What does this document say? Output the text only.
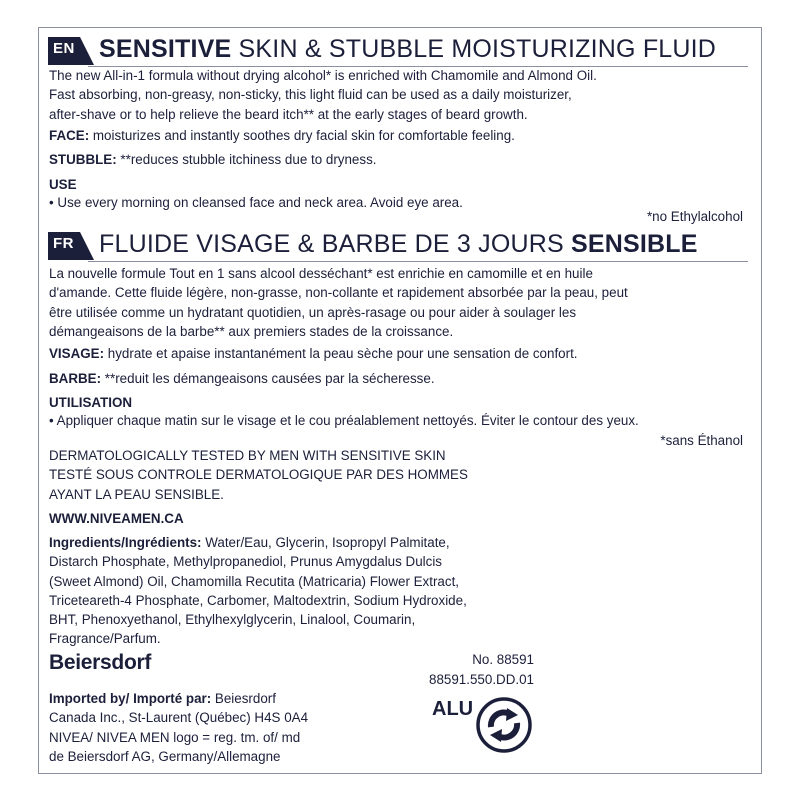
EN SENSITIVE SKIN & STUBBLE MOISTURIZING FLUID
The new All-in-1 formula without drying alcohol* is enriched with Chamomile and Almond Oil.
Fast absorbing, non-greasy, non-sticky, this light fluid can be used as a daily moisturizer,
after-shave or to help relieve the beard itch** at the early stages of beard growth.
FACE: moisturizes and instantly soothes dry facial skin for comfortable feeling.
STUBBLE: **reduces stubble itchiness due to dryness.
USE
• Use every morning on cleansed face and neck area. Avoid eye area.
*no Ethylalcohol
FR FLUIDE VISAGE & BARBE DE 3 JOURS SENSIBLE
La nouvelle formule Tout en 1 sans alcool desséchant* est enrichie en camomille et en huile
d'amande. Cette fluide légère, non-grasse, non-collante et rapidement absorbée par la peau, peut
être utilisée comme un hydratant quotidien, un après-rasage ou pour aider à soulager les
démangeaisons de la barbe** aux premiers stades de la croissance.
VISAGE: hydrate et apaise instantanément la peau sèche pour une sensation de confort.
BARBE: **reduit les démangeaisons causées par la sécheresse.
UTILISATION
• Appliquer chaque matin sur le visage et le cou préalablement nettoyés. Éviter le contour des yeux.
*sans Éthanol
DERMATOLOGICALLY TESTED BY MEN WITH SENSITIVE SKIN
TESTÉ SOUS CONTROLE DERMATOLOGIQUE PAR DES HOMMES
AYANT LA PEAU SENSIBLE.
WWW.NIVEAMEN.CA
Ingredients/Ingrédients: Water/Eau, Glycerin, Isopropyl Palmitate,
Distarch Phosphate, Methylpropanediol, Prunus Amygdalus Dulcis
(Sweet Almond) Oil, Chamomilla Recutita (Matricaria) Flower Extract,
Triceteareth-4 Phosphate, Carbomer, Maltodextrin, Sodium Hydroxide,
BHT, Phenoxyethanol, Ethylhexylglycerin, Linalool, Coumarin,
Fragrance/Parfum.
Beiersdorf	No. 88591
88591.550.DD.01
Imported by/ Importé par: Beiesrdorf
Canada Inc., St-Laurent (Québec) H4S 0A4
NIVEA/ NIVEA MEN logo = reg. tm. of/ md
de Beiersdorf AG, Germany/Allemagne
ALU
